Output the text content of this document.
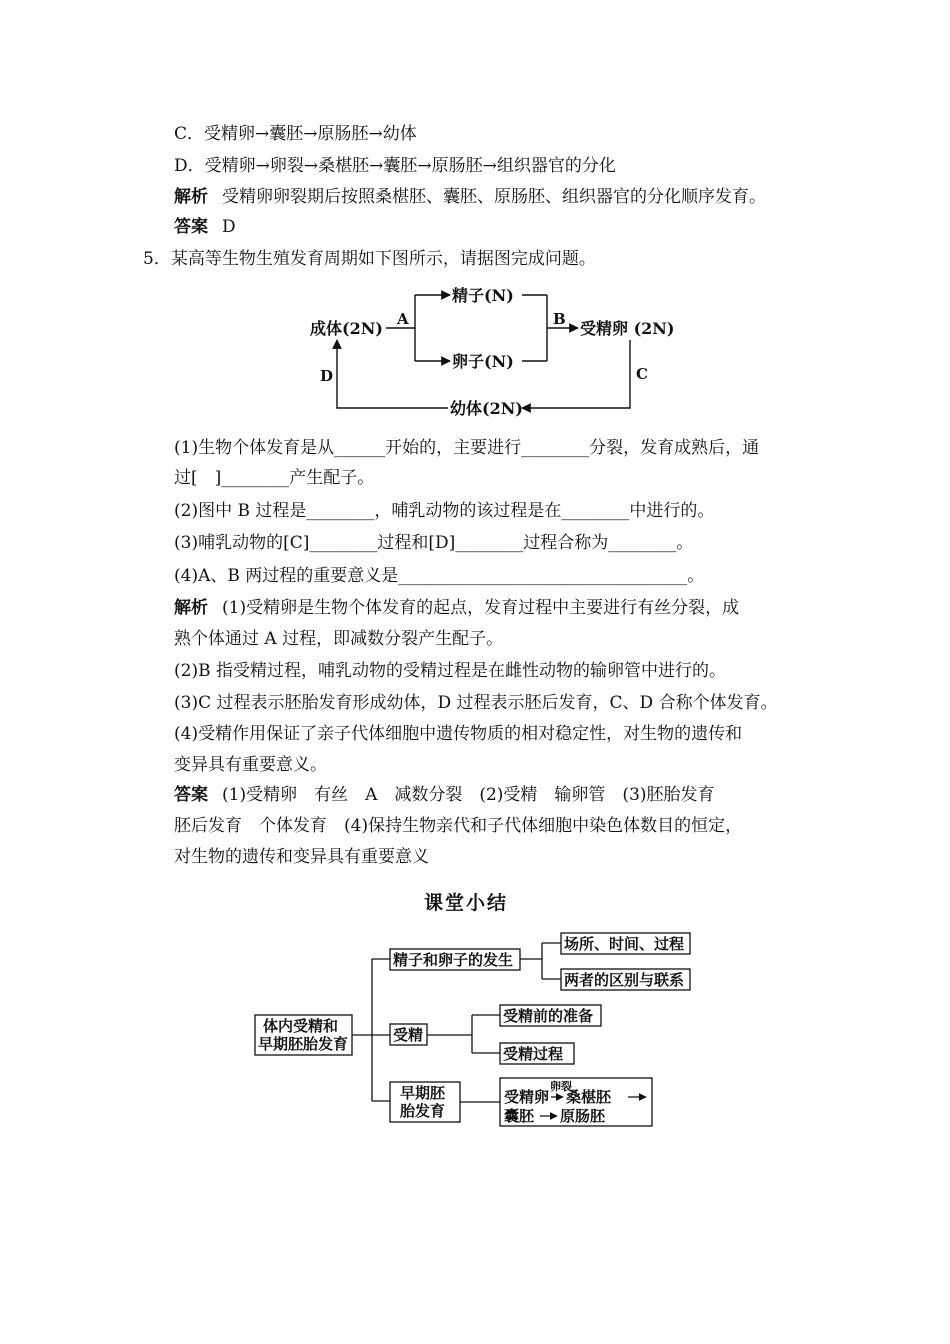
C．受精卵→囊胚→原肠胚→幼体
D．受精卵→卵裂→桑椹胚→囊胚→原肠胚→组织器官的分化
解析 受精卵卵裂期后按照桑椹胚、囊胚、原肠胚、组织器官的分化顺序发育。
答案 D
5．某高等生物生殖发育周期如下图所示，请据图完成问题。
成体(2N)
精子(N)
卵子(N)
受精卵 (2N)
幼体(2N)
A	B
C
D
(1)生物个体发育是从______开始的，主要进行________分裂，发育成熟后，通
过[　]________产生配子。
(2)图中 B 过程是________，哺乳动物的该过程是在________中进行的。
(3)哺乳动物的[C]________过程和[D]________过程合称为________。
(4)A、B 两过程的重要意义是__________________________________。
解析 (1)受精卵是生物个体发育的起点，发育过程中主要进行有丝分裂，成
熟个体通过 A 过程，即减数分裂产生配子。
(2)B 指受精过程，哺乳动物的受精过程是在雌性动物的输卵管中进行的。
(3)C 过程表示胚胎发育形成幼体，D 过程表示胚后发育，C、D 合称个体发育。
(4)受精作用保证了亲子代体细胞中遗传物质的相对稳定性，对生物的遗传和
变异具有重要意义。
答案 (1)受精卵　有丝　A　减数分裂　(2)受精　输卵管　(3)胚胎发育
胚后发育　个体发育　(4)保持生物亲代和子代体细胞中染色体数目的恒定，
对生物的遗传和变异具有重要意义
课堂小结
体内受精和
早期胚胎发育
精子和卵子的发生
受精
早期胚
胎发育
场所、时间、过程
两者的区别与联系
受精前的准备
受精过程
受精卵 桑椹胚
囊胚 原肠胚
卵裂
